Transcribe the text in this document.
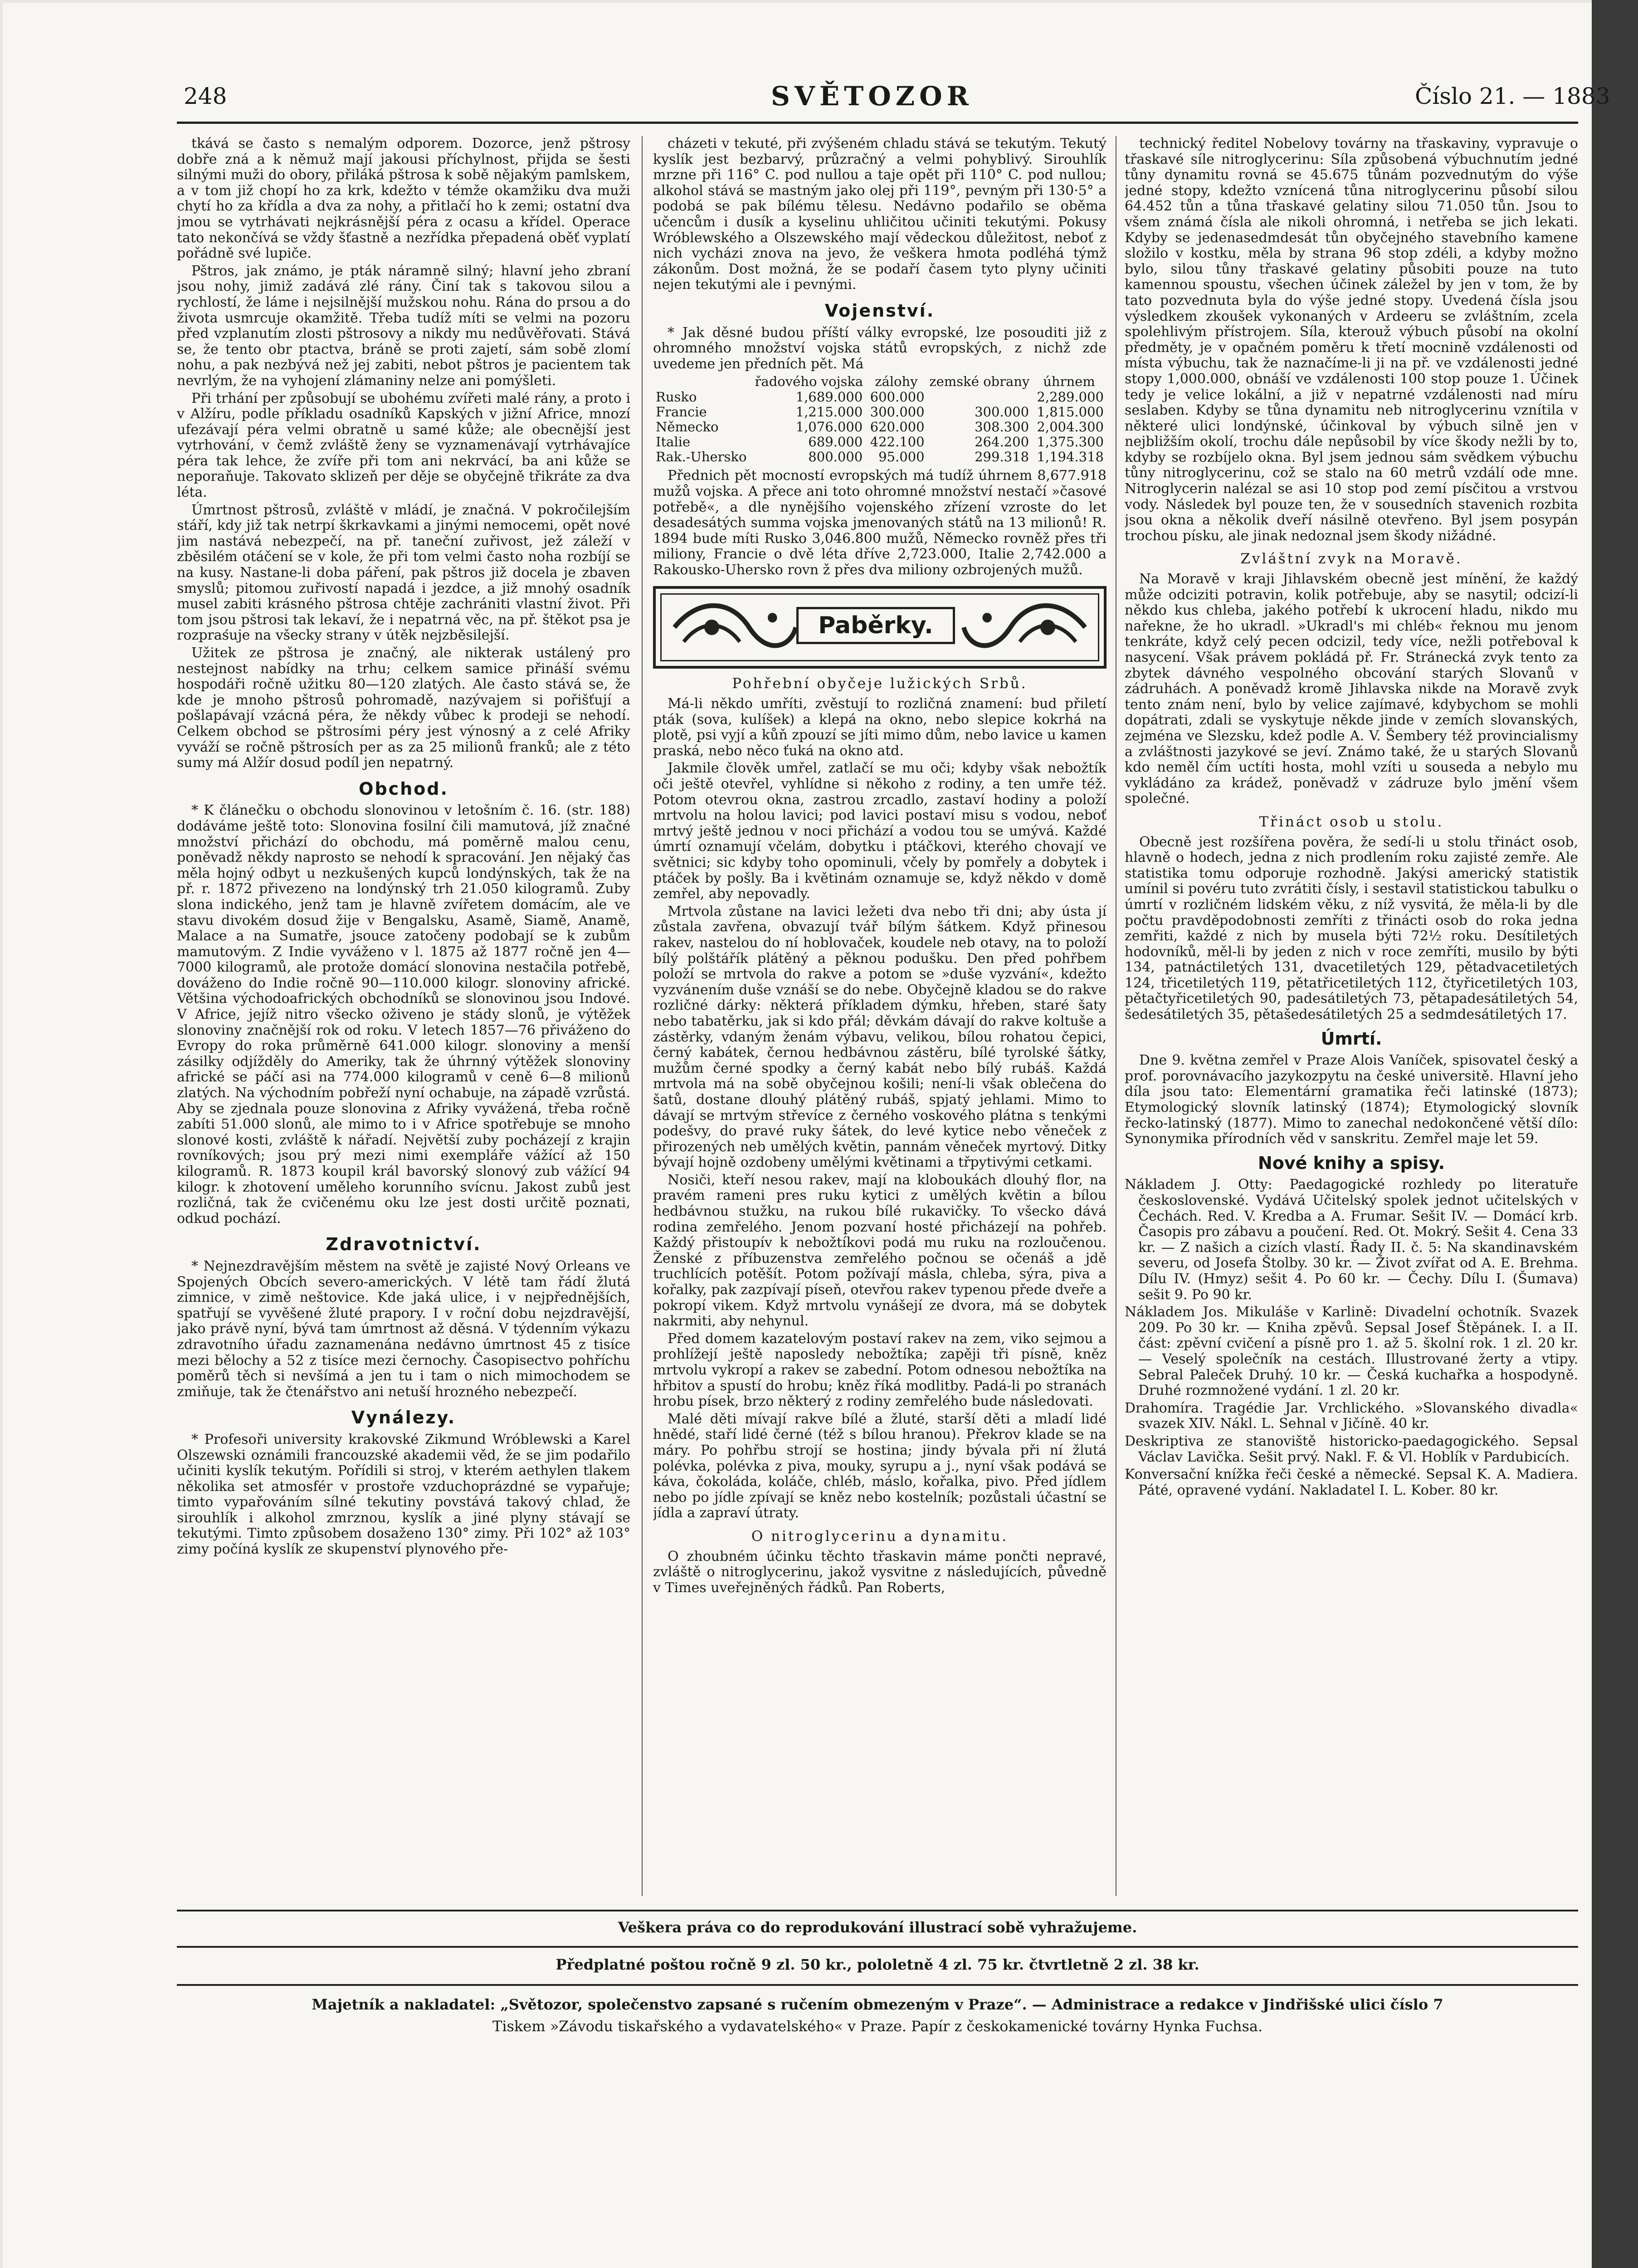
248	SVĚTOZOR	Číslo 21. — 1883

tkává se často s nemalým odporem. Dozorce, jenž pštrosy dobře zná a k němuž mají jakousi příchylnost, přijda se šesti silnými muži do obory, přiláká pštrosa k sobě nějakým pamlskem, a v tom již chopí ho za krk, kdežto v témže okamžiku dva muži chytí ho za křídla a dva za nohy, a přitlačí ho k zemi; ostatní dva jmou se vytrhávati nejkrásnější péra z ocasu a křídel. Operace tato nekončívá se vždy šťastně a nezřídka přepadená oběť vyplatí pořádně své lupiče.

Pštros, jak známo, je pták náramně silný; hlavní jeho zbraní jsou nohy, jimiž zadává zlé rány. Činí tak s takovou silou a rychlostí, že láme i nejsilnější mužskou nohu. Rána do prsou a do života usmrcuje okamžitě. Třeba tudíž míti se velmi na pozoru před vzplanutím zlosti pštrosovy a nikdy mu nedůvěřovati. Stává se, že tento obr ptactva, bráně se proti zajetí, sám sobě zlomí nohu, a pak nezbývá než jej zabiti, nebot pštros je pacientem tak nevrlým, že na vyhojení zlámaniny nelze ani pomýšleti.

Při trhání per způsobují se ubohému zvířeti malé rány, a proto i v Alžíru, podle příkladu osadníků Kapských v jižní Africe, mnozí ufezávají péra velmi obratně u samé kůže; ale obecnější jest vytrhování, v čemž zvláště ženy se vyznamenávají vytrhávajíce péra tak lehce, že zvíře při tom ani nekrvácí, ba ani kůže se neporaňuje. Takovato sklizeň per děje se obyčejně třikráte za dva léta.

Úmrtnost pštrosů, zvláště v mládí, je značná. V pokročilejším stáří, kdy již tak netrpí škrkavkami a jinými nemocemi, opět nové jim nastává nebezpečí, na př. taneční zuřivost, jež záleží v zběsilém otáčení se v kole, že při tom velmi často noha rozbíjí se na kusy. Nastane-li doba páření, pak pštros již docela je zbaven smyslů; pitomou zuřivostí napadá i jezdce, a již mnohý osadník musel zabiti krásného pštrosa chtěje zachrániti vlastní život. Při tom jsou pštrosi tak lekaví, že i nepatrná věc, na př. štěkot psa je rozpraśuje na všecky strany v útěk nejzběsilejší.

Užitek ze pštrosa je značný, ale nikterak ustálený pro nestejnost nabídky na trhu; celkem samice přináší svému hospodáři ročně užitku 80—120 zlatých. Ale často stává se, že kde je mnoho pštrosů pohromadě, nazývajem si pořišťují a pošlapávají vzácná péra, že někdy vůbec k prodeji se nehodí. Celkem obchod se pštrosími péry jest výnosný a z celé Afriky vyváží se ročně pštrosích per as za 25 milionů franků; ale z této sumy má Alžír dosud podíl jen nepatrný.

Obchod.

* K článečku o obchodu slonovinou v letošním č. 16. (str. 188) dodáváme ještě toto: Slonovina fosilní čili mamutová, jíž značné množství přichází do obchodu, má poměrně malou cenu, poněvadž někdy naprosto se nehodí k spracování. Jen nějaký čas měla hojný odbyt u nezkušených kupců londýnských, tak že na př. r. 1872 přivezeno na londýnský trh 21.050 kilogramů. Zuby slona indického, jenž tam je hlavně zvířetem domácím, ale ve stavu divokém dosud žije v Bengalsku, Asamě, Siamě, Anamě, Malace a na Sumatře, jsouce zatočeny podobají se k zubům mamutovým. Z Indie vyváženo v l. 1875 až 1877 ročně jen 4—7000 kilogramů, ale protože domácí slonovina nestačila potřebě, dováženo do Indie ročně 90—110.000 kilogr. slonoviny africké. Většina východoafrických obchodníků se slonovinou jsou Indové. V Africe, jejíž nitro všecko oživeno je stády slonů, je výtěžek slonoviny značnější rok od roku. V letech 1857—76 přiváženo do Evropy do roka průměrně 641.000 kilogr. slonoviny a menší zásilky odjížděly do Ameriky, tak že úhrnný výtěžek slonoviny africké se páčí asi na 774.000 kilogramů v ceně 6—8 milionů zlatých. Na východním pobřeží nyní ochabuje, na západě vzrůstá. Aby se zjednala pouze slonovina z Afriky vyvážená, třeba ročně zabíti 51.000 slonů, ale mimo to i v Africe spotřebuje se mnoho slonové kosti, zvláště k nářadí. Největší zuby pocházejí z krajin rovníkových; jsou prý mezi nimi exempláře vážící až 150 kilogramů. R. 1873 koupil král bavorský slonový zub vážící 94 kilogr. k zhotovení uměleho korunního svícnu. Jakost zubů jest rozličná, tak že cvičenému oku lze jest dosti určitě poznati, odkud pochází.

Zdravotnictví.

* Nejnezdravějším městem na světě je zajisté Nový Orleans ve Spojených Obcích severo-amerických. V létě tam řádí žlutá zimnice, v zimě neštovice. Kde jaká ulice, i v nejpřednějších, spatřují se vyvěšené žluté prapory. I v roční dobu nejzdravější, jako právě nyní, bývá tam úmrtnost až děsná. V týdenním výkazu zdravotního úřadu zaznamenána nedávno úmrtnost 45 z tisíce mezi bělochy a 52 z tisíce mezi černochy. Časopisectvo pohříchu poměrů těch si nevšímá a jen tu i tam o nich mimochodem se zmiňuje, tak že čtenářstvo ani netuší hrozného nebezpečí.

Vynálezy.

* Profesoři university krakovské Zikmund Wróblewski a Karel Olszewski oznámili francouzské akademii věd, že se jim podařilo učiniti kyslík tekutým. Pořídili si stroj, v kterém aethylen tlakem několika set atmosfér v prostoře vzduchoprázdné se vypařuje; timto vypařováním sílné tekutiny povstává takový chlad, že sirouhlík i alkohol zmrznou, kyslík a jiné plyny stávají se tekutými. Timto způsobem dosaženo 130° zimy. Při 102° až 103° zimy počíná kyslík ze skupenství plynového pře-

cházeti v tekuté, při zvýšeném chladu stává se tekutým. Tekutý kyslík jest bezbarvý, průzračný a velmi pohyblivý. Sirouhlík mrzne při 116° C. pod nullou a taje opět při 110° C. pod nullou; alkohol stává se mastným jako olej při 119°, pevným při 130·5° a podobá se pak bílému tělesu. Nedávno podařilo se oběma učencům i dusík a kyselinu uhličitou učiniti tekutými. Pokusy Wróblewského a Olszewského mají vědeckou důležitost, neboť z nich vycházi znova na jevo, že veškera hmota podléhá týmž zákonům. Dost možná, že se podaří časem tyto plyny učiniti nejen tekutými ale i pevnými.

Vojenství.

* Jak děsné budou příští války evropské, lze posouditi již z ohromného množství vojska států evropských, z nichž zde uvedeme jen předních pět. Má

	řadového vojska	zálohy	zemské obrany	úhrnem
Rusko	1,689.000	600.000		2,289.000
Francie	1,215.000	300.000	300.000	1,815.000
Německo	1,076.000	620.000	308.300	2,004.300
Italie	689.000	422.100	264.200	1,375.300
Rak.-Uhersko	800.000	95.000	299.318	1,194.318

Přednich pět mocností evropských má tudíž úhrnem 8,677.918 mužů vojska. A přece ani toto ohromné množství nestačí »časové potřebě«, a dle nynějšího vojenského zřízení vzroste do let desadesátých summa vojska jmenovaných států na 13 milionů! R. 1894 bude míti Rusko 3,046.800 mužů, Německo rovněž přes tři miliony, Francie o dvě léta dříve 2,723.000, Italie 2,742.000 a Rakousko-Uhersko rovn ž přes dva miliony ozbrojených mužů.

Paběrky.
Pohřební obyčeje lužických Srbů.

Má-li někdo umříti, zvěstují to rozličná znamení: bud přiletí pták (sova, kulíšek) a klepá na okno, nebo slepice kokrhá na plotě, psi vyjí a kůň zpouzí se jíti mimo dům, nebo lavice u kamen praská, nebo něco ťuká na okno atd.

Jakmile člověk umřel, zatlačí se mu oči; kdyby však nebožtík oči ještě otevřel, vyhlídne si někoho z rodiny, a ten umře též. Potom otevrou okna, zastrou zrcadlo, zastaví hodiny a položí mrtvolu na holou lavici; pod lavici postaví misu s vodou, neboť mrtvý ještě jednou v noci přichází a vodou tou se umývá. Každé úmrtí oznamují včelám, dobytku i ptáčkovi, kterého chovají ve světnici; sic kdyby toho opominuli, včely by pomřely a dobytek i ptáček by pošly. Ba i květinám oznamuje se, když někdo v domě zemřel, aby nepovadly.

Mrtvola zůstane na lavici ležeti dva nebo tři dni; aby ústa jí zůstala zavřena, obvazují tvář bílým šátkem. Když přinesou rakev, nastelou do ní hoblovaček, koudele neb otavy, na to položí bílý polštářík plátěný a pěknou podušku. Den před pohřbem položí se mrtvola do rakve a potom se »duše vyzvání«, kdežto vyzvánením duše vznáší se do nebe. Obyčejně kladou se do rakve rozličné dárky: některá příkladem dýmku, hřeben, staré šaty nebo tabatěrku, jak si kdo přál; děvkám dávají do rakve koltuše a zástěrky, vdaným ženám výbavu, velikou, bílou rohatou čepici, černý kabátek, černou hedbávnou zástěru, bílé tyrolské šátky, mužům černé spodky a černý kabát nebo bílý rubáš. Každá mrtvola má na sobě obyčejnou košili; není-li však oblečena do šatů, dostane dlouhý plátěný rubáš, spjatý jehlami. Mimo to dávají se mrtvým střevíce z černého voskového plátna s tenkými podešvy, do pravé ruky šátek, do levé kytice nebo věneček z přirozených neb umělých květin, pannám věneček myrtový. Ditky bývají hojně ozdobeny umělými květinami a třpytivými cetkami.

Nosiči, kteří nesou rakev, mají na kloboukách dlouhý flor, na pravém rameni pres ruku kytici z umělých květin a bílou hedbávnou stužku, na rukou bílé rukavičky. To všecko dává rodina zemřelého. Jenom pozvaní hosté přicházejí na pohřeb. Každý přistoupív k nebožtíkovi podá mu ruku na rozloučenou. Ženské z příbuzenstva zemřelého počnou se očenáš a jdě truchlících potěšít. Potom požívají másla, chleba, sýra, piva a kořalky, pak zazpívají píseň, otevřou rakev typenou přede dveře a pokropí vikem. Když mrtvolu vynášejí ze dvora, má se dobytek nakrmiti, aby nehynul.

Před domem kazatelovým postaví rakev na zem, viko sejmou a prohlížejí ještě naposledy nebožtíka; zapěji tři písně, kněz mrtvolu vykropí a rakev se zabední. Potom odnesou nebožtíka na hřbitov a spustí do hrobu; kněz říká modlitby. Padá-li po stranách hrobu písek, brzo některý z rodiny zemřelého bude následovati.

Malé děti mívají rakve bílé a žluté, starší děti a mladí lidé hnědé, staří lidé černé (též s bílou hranou). Překrov klade se na máry. Po pohřbu strojí se hostina; jindy bývala při ní žlutá polévka, polévka z piva, mouky, syrupu a j., nyní však podává se káva, čokoláda, koláče, chléb, máslo, kořalka, pivo. Před jídlem nebo po jídle zpívají se kněz nebo kostelník; pozůstali účastní se jídla a zapraví útraty.

O nitroglycerinu a dynamitu.

O zhoubném účinku těchto třaskavin máme pončti nepravé, zvláště o nitroglycerinu, jakož vysvitne z následujících, půvedně v Times uveřejněných řádků. Pan Roberts,

technický ředitel Nobelovy továrny na třaskaviny, vypravuje o třaskavé síle nitroglycerinu: Síla způsobená výbuchnutím jedné tůny dynamitu rovná se 45.675 tůnám pozvednutým do výše jedné stopy, kdežto vznícená tůna nitroglycerinu působí silou 64.452 tůn a tůna třaskavé gelatiny silou 71.050 tůn. Jsou to všem známá čísla ale nikoli ohromná, i netřeba se jich lekati. Kdyby se jedenasedmdesát tůn obyčejného stavebního kamene složilo v kostku, měla by strana 96 stop zdéli, a kdyby možno bylo, silou tůny třaskavé gelatiny působiti pouze na tuto kamennou spoustu, všechen účinek záležel by jen v tom, že by tato pozvednuta byla do výše jedné stopy. Uvedená čísla jsou výsledkem zkoušek vykonaných v Ardeeru se zvláštním, zcela spolehlivým přístrojem. Síla, kterouž výbuch působí na okolní předměty, je v opačném poměru k třetí mocnině vzdálenosti od místa výbuchu, tak že naznačíme-li ji na př. ve vzdálenosti jedné stopy 1,000.000, obnáší ve vzdálenosti 100 stop pouze 1. Účinek tedy je velice lokální, a již v nepatrné vzdálenosti nad míru seslaben. Kdyby se tůna dynamitu neb nitroglycerinu vznítila v některé ulici londýnské, účinkoval by výbuch silně jen v nejbližším okolí, trochu dále nepůsobil by více škody nežli by to, kdyby se rozbíjelo okna. Byl jsem jednou sám svědkem výbuchu tůny nitroglycerinu, což se stalo na 60 metrů vzdálí ode mne. Nitroglycerin nalézal se asi 10 stop pod zemí písčitou a vrstvou vody. Následek byl pouze ten, že v sousedních stavenich rozbita jsou okna a několik dveří násilně otevřeno. Byl jsem posypán trochou písku, ale jinak nedoznal jsem škody nižádné.

Zvláštní zvyk na Moravě.

Na Moravě v kraji Jihlavském obecně jest mínění, že každý může odciziti potravin, kolik potřebuje, aby se nasytil; odcizí-li někdo kus chleba, jakého potřebí k ukrocení hladu, nikdo mu nařekne, že ho ukradl. »Ukradl's mi chléb« řeknou mu jenom tenkráte, když celý pecen odcizil, tedy více, nežli potřeboval k nasycení. Však právem pokládá př. Fr. Stránecká zvyk tento za zbytek dávného vespolného obcování starých Slovanů v zádruhách. A poněvadž kromě Jihlavska nikde na Moravě zvyk tento znám není, bylo by velice zajímavé, kdybychom se mohli dopátrati, zdali se vyskytuje někde jinde v zemích slovanských, zejména ve Slezsku, kdež podle A. V. Šembery též provincialismy a zvláštnosti jazykové se jeví. Známo také, že u starých Slovanů kdo neměl čím uctíti hosta, mohl vzíti u souseda a nebylo mu vykládáno za krádež, poněvadž v zádruze bylo jmění všem společné.

Třináct osob u stolu.

Obecně jest rozšířena pověra, že sedí-li u stolu třináct osob, hlavně o hodech, jedna z nich prodlením roku zajisté zemře. Ale statistika tomu odporuje rozhodně. Jakýsi americký statistik umínil si povéru tuto zvrátiti čísly, i sestavil statistickou tabulku o úmrtí v rozličném lidském věku, z níž vysvitá, že měla-li by dle počtu pravděpodobnosti zemříti z třinácti osob do roka jedna zemřiti, každé z nich by musela býti 72½ roku. Desítiletých hodovníků, měl-li by jeden z nich v roce zemříti, musilo by býti 134, patnáctiletých 131, dvacetiletých 129, pětadvacetiletých 124, třicetiletých 119, pětatřicetiletých 112, čtyřicetiletých 103, pětačtyřicetiletých 90, padesátiletých 73, pětapadesátiletých 54, šedesátiletých 35, pětašedesátiletých 25 a sedmdesátiletých 17.

Úmrtí.

Dne 9. května zemřel v Praze Alois Vaníček, spisovatel český a prof. porovnávacího jazykozpytu na české universitě. Hlavní jeho díla jsou tato: Elementární gramatika řeči latinské (1873); Etymologický slovník latinský (1874); Etymologický slovník řecko-latinský (1877). Mimo to zanechal nedokončené větší dílo: Synonymika přírodních věd v sanskritu. Zemřel maje let 59.

Nové knihy a spisy.

Nákladem J. Otty: Paedagogické rozhledy po literatuře československé. Vydává Učitelský spolek jednot učitelských v Čechách. Red. V. Kredba a A. Frumar. Sešit IV. — Domácí krb. Časopis pro zábavu a poučení. Red. Ot. Mokrý. Sešit 4. Cena 33 kr. — Z našich a cizích vlastí. Řady II. č. 5: Na skandinavském severu, od Josefa Štolby. 30 kr. — Život zvířat od A. E. Brehma. Dílu IV. (Hmyz) sešit 4. Po 60 kr. — Čechy. Dílu I. (Šumava) sešit 9. Po 90 kr.

Nákladem Jos. Mikuláše v Karlině: Divadelní ochotník. Svazek 209. Po 30 kr. — Kniha zpěvů. Sepsal Josef Štěpánek. I. a II. část: zpěvní cvičení a písně pro 1. až 5. školní rok. 1 zl. 20 kr. — Veselý společník na cestách. Illustrované žerty a vtipy. Sebral Paleček Druhý. 10 kr. — Česká kuchařka a hospodyně. Druhé rozmnožené vydání. 1 zl. 20 kr.

Drahomíra. Tragédie Jar. Vrchlického. »Slovanského divadla« svazek XIV. Nákl. L. Sehnal v Jičíně. 40 kr.

Deskriptiva ze stanoviště historicko-paedagogického. Sepsal Václav Lavička. Sešit prvý. Nakl. F. & Vl. Hoblík v Pardubicích.

Konversační knížka řeči české a německé. Sepsal K. A. Madiera. Páté, opravené vydání. Nakladatel I. L. Kober. 80 kr.

Veškera práva co do reprodukování illustrací sobě vyhražujeme.
Předplatné poštou ročně 9 zl. 50 kr., pololetně 4 zl. 75 kr. čtvrtletně 2 zl. 38 kr.
Majetník a nakladatel: „Světozor, společenstvo zapsané s ručením obmezeným v Praze“. — Administrace a redakce v Jindřišské ulici číslo 7
Tiskem »Závodu tiskařského a vydavatelského« v Praze. Papír z českokamenické továrny Hynka Fuchsa.
